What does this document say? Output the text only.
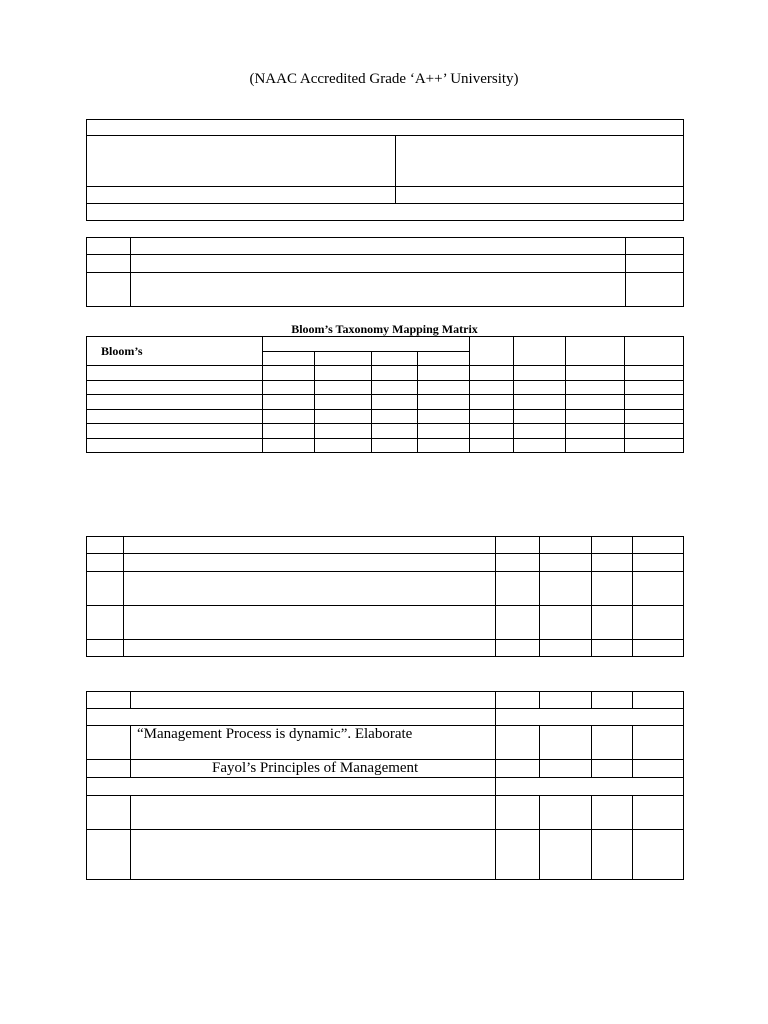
(NAAC Accredited Grade ‘A++’ University)

Bloom’s Taxonomy Mapping Matrix
Bloom’s								

	“Management Process is dynamic”. Elaborate				
	Fayol’s Principles of Management				
